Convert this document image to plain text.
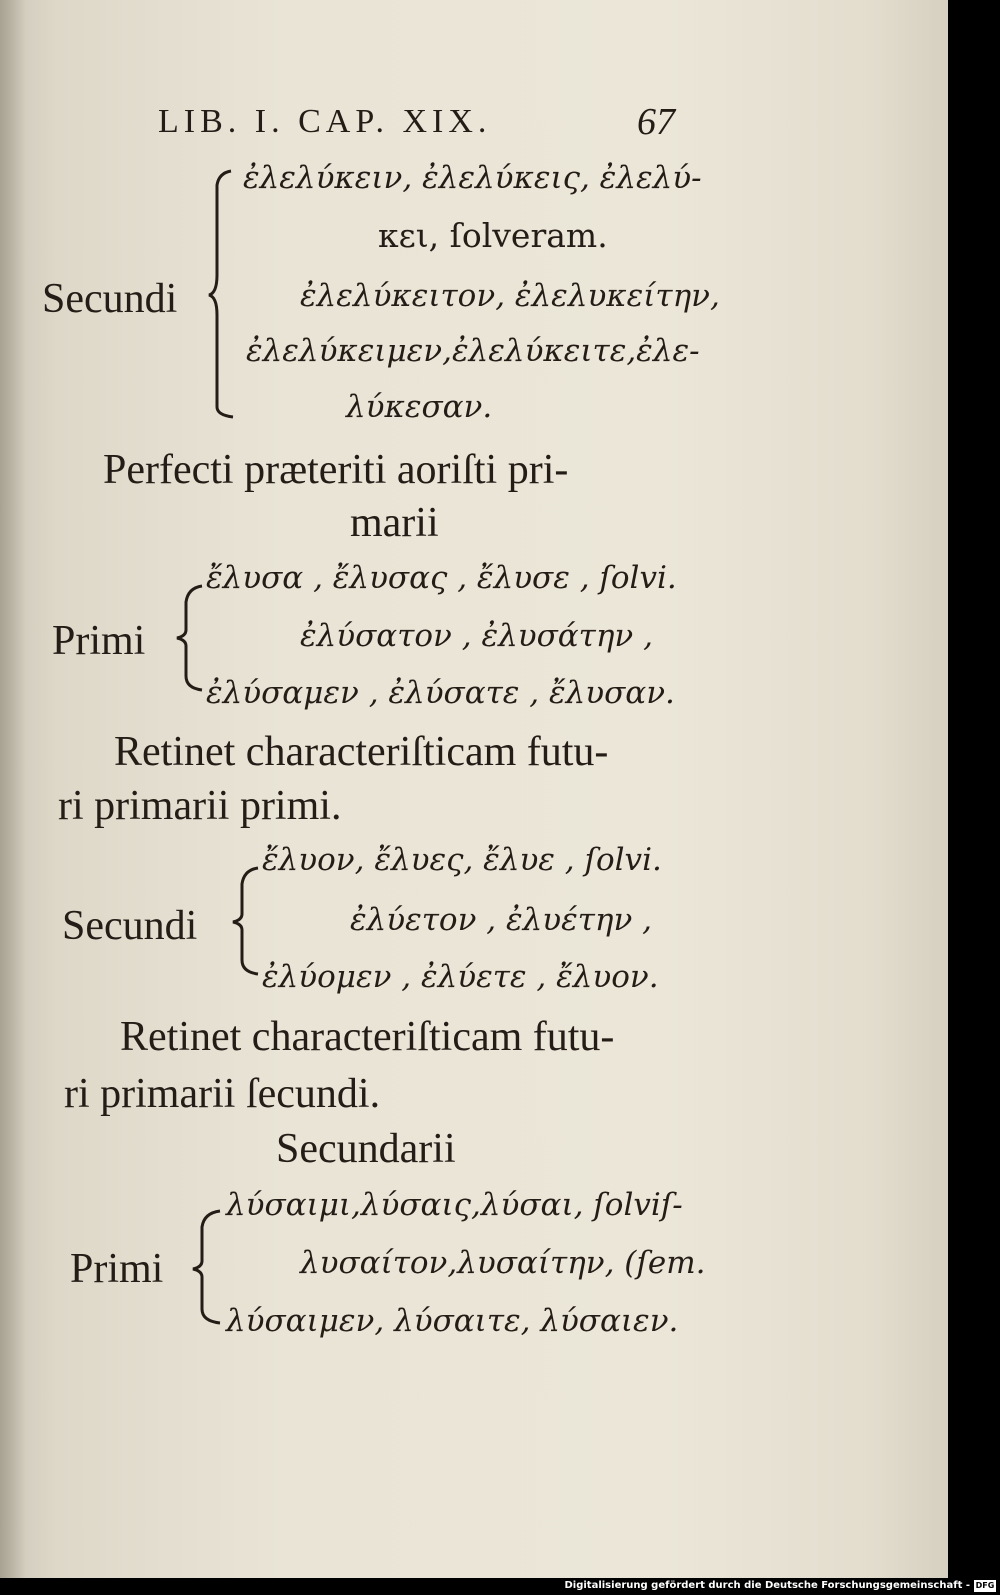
LIB. I. CAP. XIX.	67
Secundi
ἐλελύκειν, ἐλελύκεις, ἐλελύ-
κει, ſolveram.
ἐλελύκειτον, ἐλελυκείτην,
ἐλελύκειμεν,ἐλελύκειτε,ἐλε-
λύκεσαν.
Perfecti præteriti aoriſti pri-
marii
Primi
ἔλυσα , ἔλυσας , ἔλυσε , ſolvi.
ἐλύσατον , ἐλυσάτην ,
ἐλύσαμεν , ἐλύσατε , ἔλυσαν.
Retinet characteriſticam futu-
ri primarii primi.
Secundi
ἔλυον, ἔλυες, ἔλυε , ſolvi.
ἐλύετον , ἐλυέτην ,
ἐλύομεν , ἐλύετε , ἔλυον.
Retinet characteriſticam futu-
ri primarii ſecundi.
Secundarii
Primi
λύσαιμι,λύσαις,λύσαι, ſolviſ-
λυσαίτον,λυσαίτην, (ſem.
λύσαιμεν, λύσαιτε, λύσαιεν.
Digitalisierung gefördert durch die Deutsche Forschungsgemeinschaft - DFG
